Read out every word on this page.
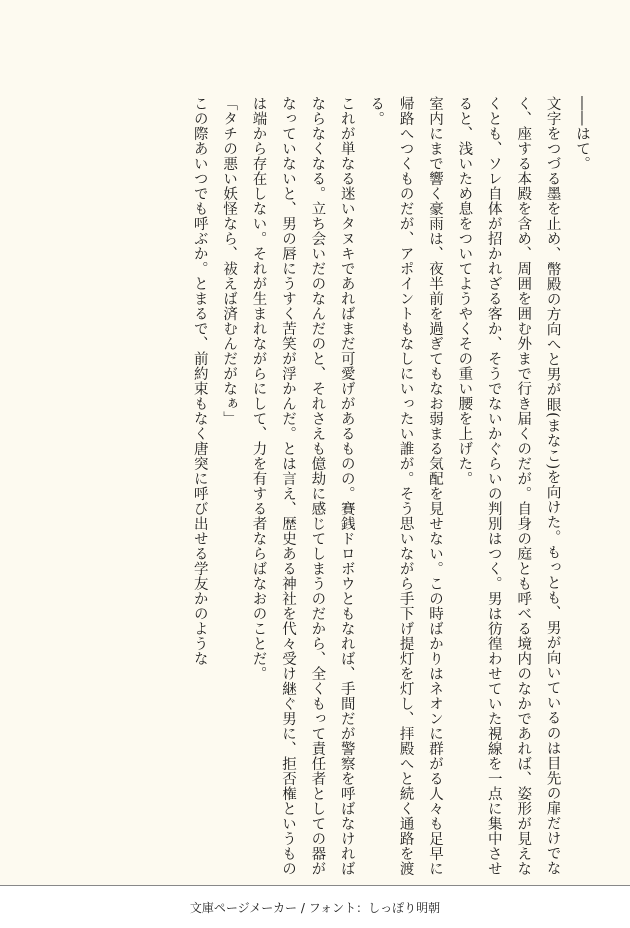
――はて。

文字をつづる墨を止め、幣殿の方向へと男が眼(まなこ)を向けた。もっとも、男が向いているのは目先の扉だけでなく、座する本殿を含め、周囲を囲む外まで行き届くのだが。自身の庭とも呼べる境内のなかであれば、姿形が見えなくとも、ソレ自体が招かれざる客か、そうでないかぐらいの判別はつく。男は彷徨わせていた視線を一点に集中させると、浅いため息をついてようやくその重い腰を上げた。

室内にまで響く豪雨は、夜半前を過ぎてもなお弱まる気配を見せない。この時ばかりはネオンに群がる人々も足早に帰路へつくものだが、アポイントもなしにいったい誰が。そう思いながら手下げ提灯を灯し、拝殿へと続く通路を渡る。

これが単なる迷いタヌキであればまだ可愛げがあるものの。賽銭ドロボウともなれば、手間だが警察を呼ばなければならなくなる。立ち会いだのなんだのと、それさえも億劫に感じてしまうのだから、全くもって責任者としての器がなっていないと、男の唇にうすく苦笑が浮かんだ。とは言え、歴史ある神社を代々受け継ぐ男に、拒否権というものは端から存在しない。それが生まれながらにして、力を有する者ならばなおのことだ。

「タチの悪い妖怪なら、祓えば済むんだがなぁ」

この際あいつでも呼ぶか。とまるで、前約束もなく唐突に呼び出せる学友かのような

文庫ページメーカー / フォント：しっぽり明朝
